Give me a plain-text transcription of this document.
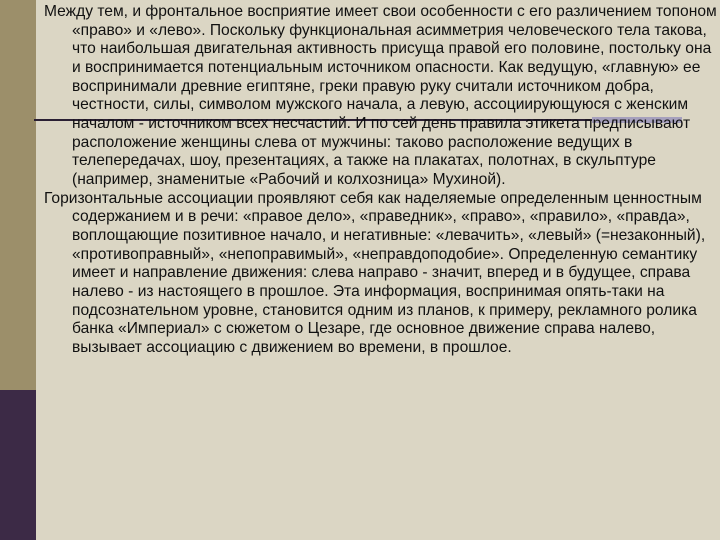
Между тем, и фронтальное восприятие имеет свои особенности с его различением топоном «право» и «лево». Поскольку функциональная асимметрия человеческого тела такова, что наибольшая двигательная активность присуща правой его половине, постольку она и воспринимается потенциальным источником опасности. Как ведущую, «главную» ее воспринимали древние египтяне, греки правую руку считали источником добра, честности, силы, символом мужского начала, а левую, ассоциирующуюся с женским началом - источником всех несчастий. И по сей день правила этикета предписывают расположение женщины слева от мужчины: таково расположение ведущих в телепередачах, шоу, презентациях, а также на плакатах, полотнах, в скульптуре (например, знаменитые «Рабочий и колхозница» Мухиной).

Горизонтальные ассоциации проявляют себя как наделяемые определенным ценностным содержанием и в речи: «правое дело», «праведник», «право», «правило», «правда», воплощающие позитивное начало, и негативные: «левачить», «левый» (=незаконный), «противоправный», «непоправимый», «неправдоподобие». Определенную семантику имеет и направление движения: слева направо - значит, вперед и в будущее, справа налево - из настоящего в прошлое. Эта информация, воспринимая опять-таки на подсознательном уровне, становится одним из планов, к примеру, рекламного ролика банка «Империал» с сюжетом о Цезаре, где основное движение справа налево, вызывает ассоциацию с движением во времени, в прошлое.
